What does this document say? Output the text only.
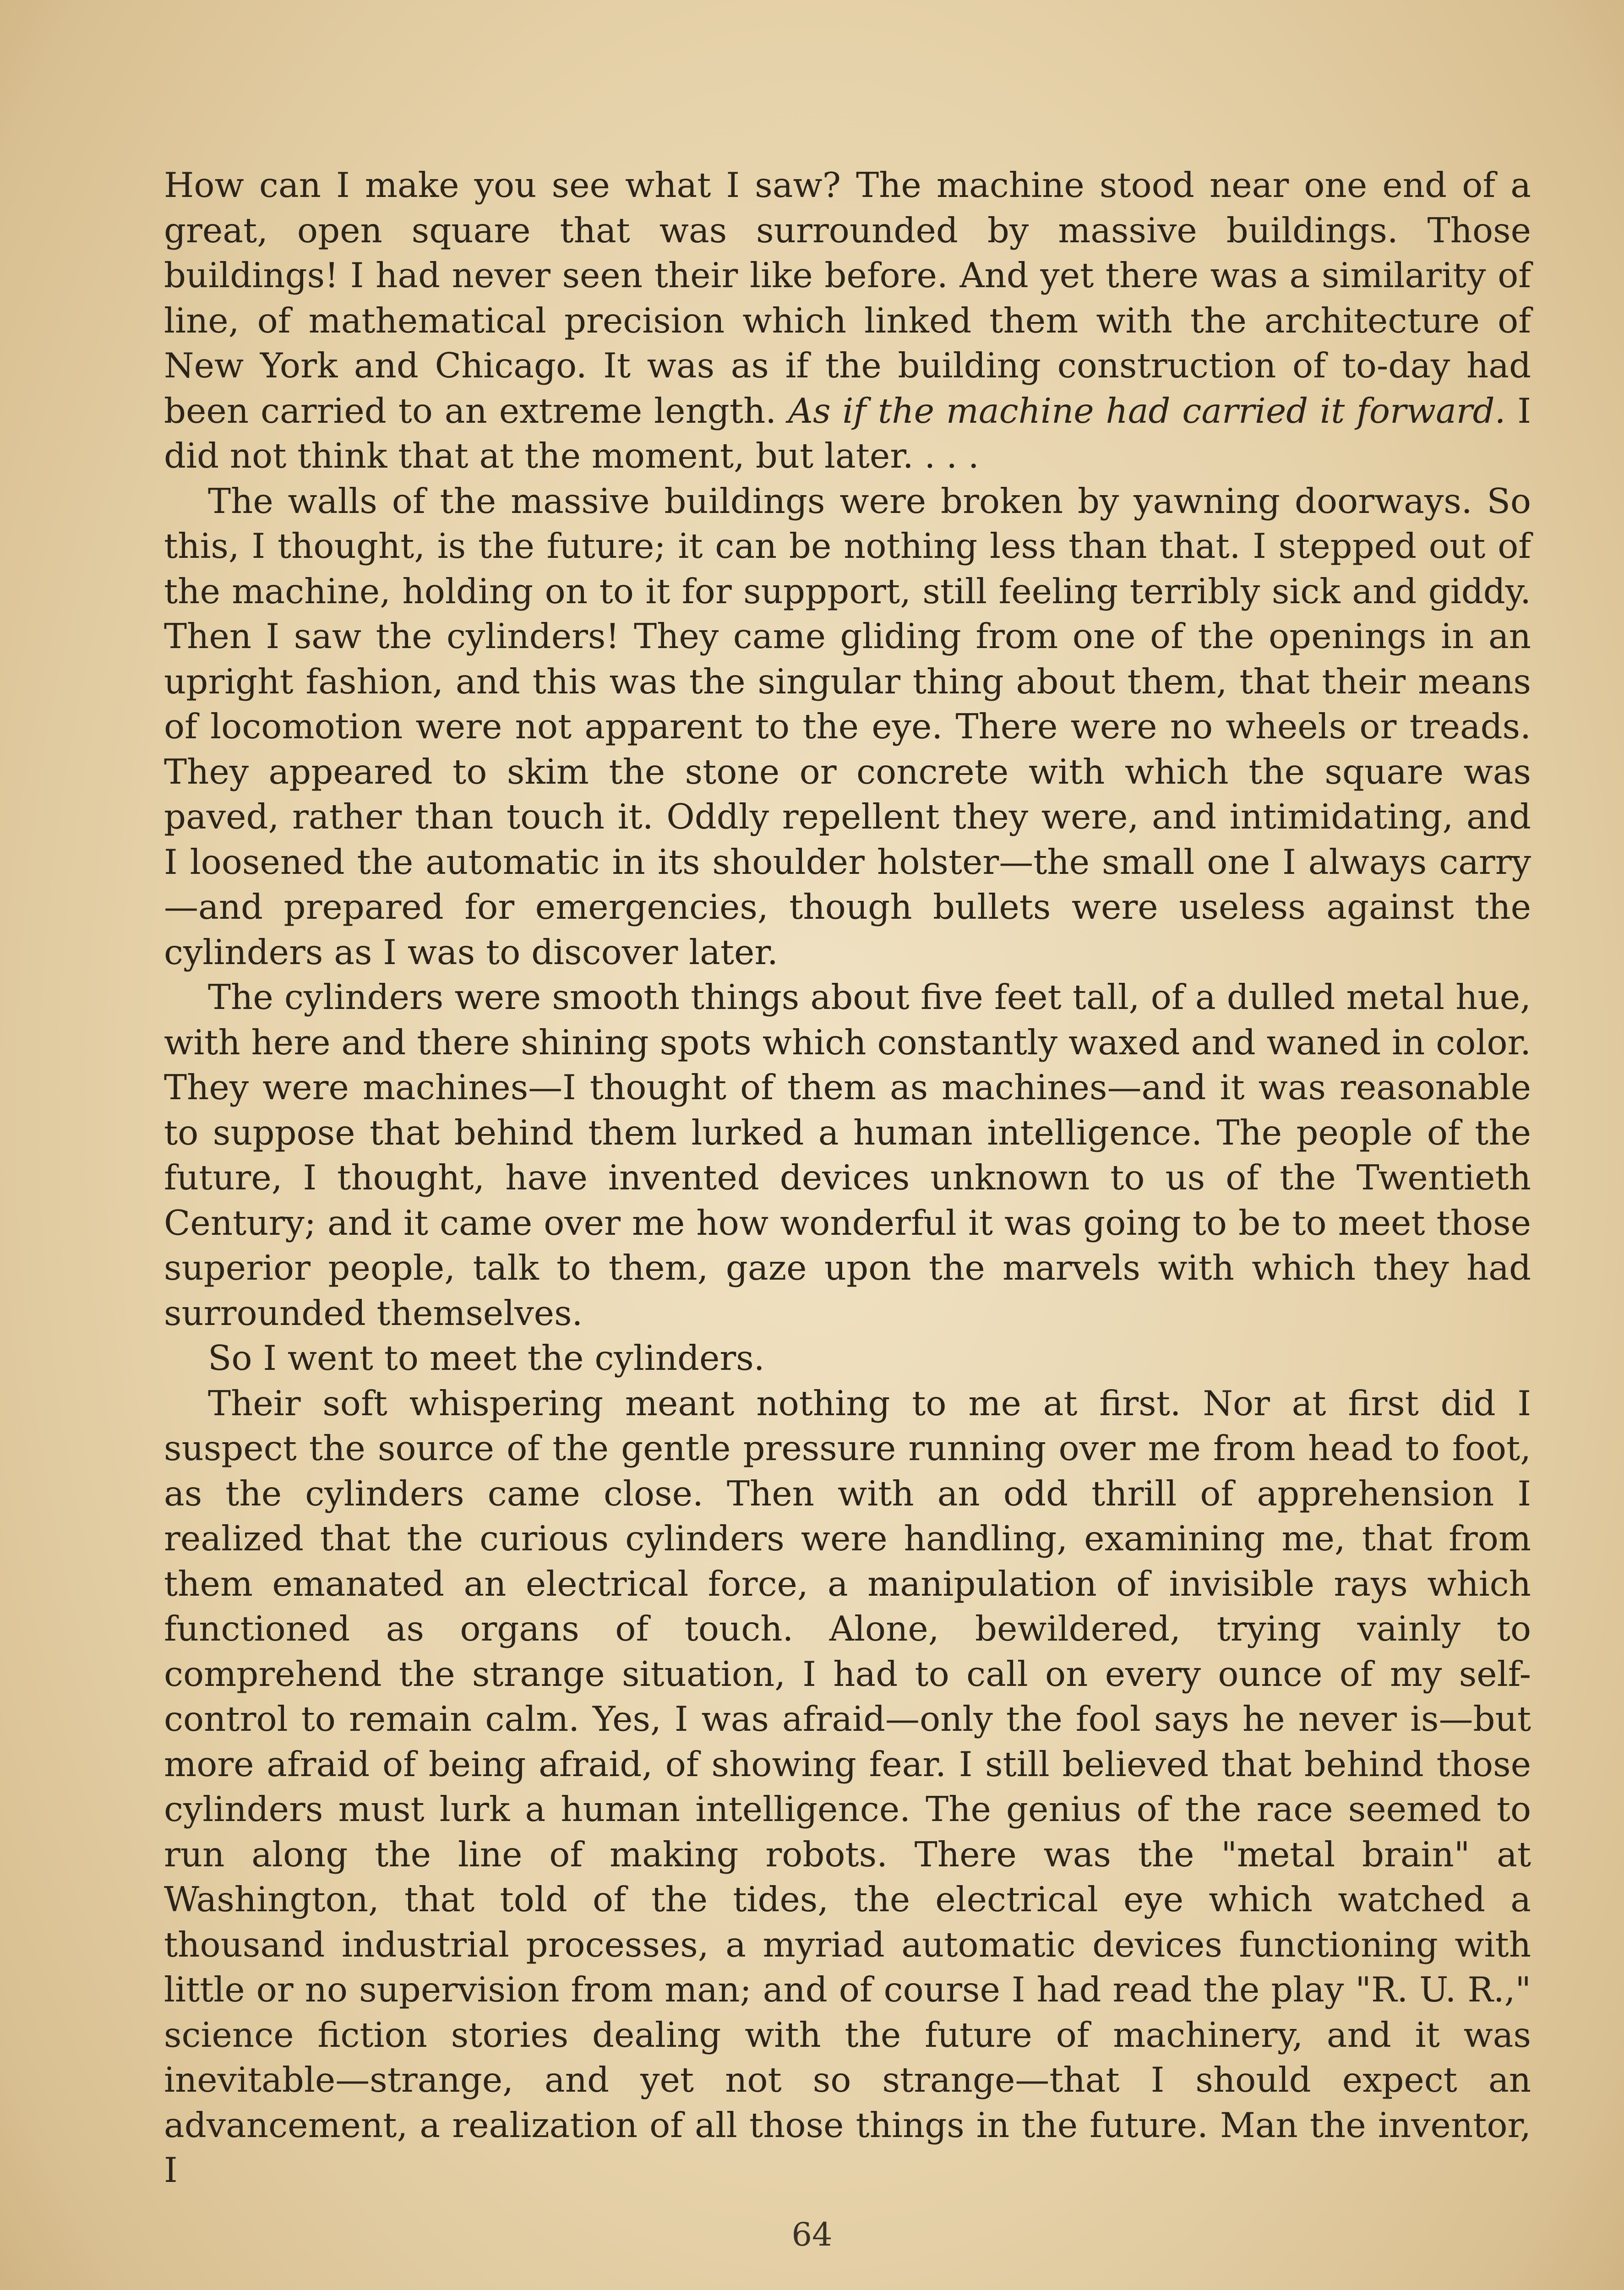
How can I make you see what I saw? The machine stood near one end of a great, open square that was surrounded by massive buildings. Those buildings! I had never seen their like before. And yet there was a similarity of line, of mathematical precision which linked them with the architecture of New York and Chicago. It was as if the building construction of to-day had been carried to an extreme length. As if the machine had carried it forward. I did not think that at the moment, but later. . . .

The walls of the massive buildings were broken by yawning doorways. So this, I thought, is the future; it can be nothing less than that. I stepped out of the machine, holding on to it for suppport, still feeling terribly sick and giddy. Then I saw the cylinders! They came gliding from one of the openings in an upright fashion, and this was the singular thing about them, that their means of locomotion were not apparent to the eye. There were no wheels or treads. They appeared to skim the stone or concrete with which the square was paved, rather than touch it. Oddly repellent they were, and intimidating, and I loosened the automatic in its shoulder holster—the small one I always carry—and prepared for emergencies, though bullets were useless against the cylinders as I was to discover later.

The cylinders were smooth things about five feet tall, of a dulled metal hue, with here and there shining spots which constantly waxed and waned in color. They were machines—I thought of them as machines—and it was reasonable to suppose that behind them lurked a human intelligence. The people of the future, I thought, have invented devices unknown to us of the Twentieth Century; and it came over me how wonderful it was going to be to meet those superior people, talk to them, gaze upon the marvels with which they had surrounded themselves.

So I went to meet the cylinders.

Their soft whispering meant nothing to me at first. Nor at first did I suspect the source of the gentle pressure running over me from head to foot, as the cylinders came close. Then with an odd thrill of apprehension I realized that the curious cylinders were handling, examining me, that from them emanated an electrical force, a manipulation of invisible rays which functioned as organs of touch. Alone, bewildered, trying vainly to comprehend the strange situation, I had to call on every ounce of my self-control to remain calm. Yes, I was afraid—only the fool says he never is—but more afraid of being afraid, of showing fear. I still believed that behind those cylinders must lurk a human intelligence. The genius of the race seemed to run along the line of making robots. There was the "metal brain" at Washington, that told of the tides, the electrical eye which watched a thousand industrial processes, a myriad automatic devices functioning with little or no supervision from man; and of course I had read the play "R. U. R.," science fiction stories dealing with the future of machinery, and it was inevitable—strange, and yet not so strange—that I should expect an advancement, a realization of all those things in the future. Man the inventor, I

64
